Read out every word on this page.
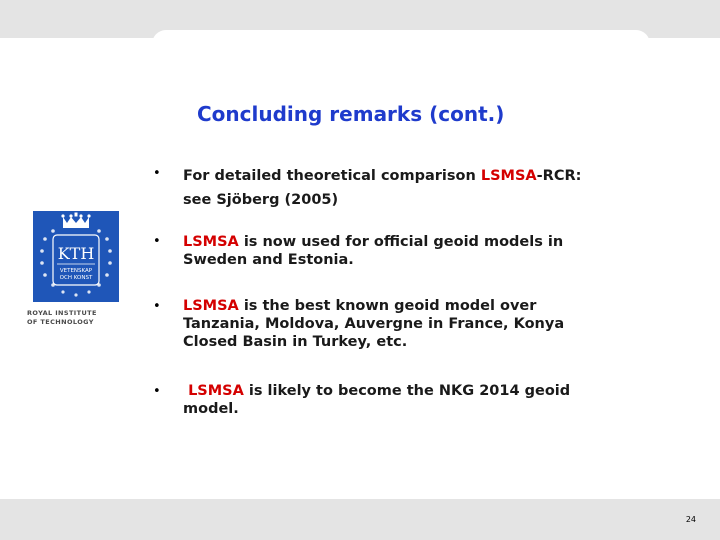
Concluding remarks (cont.)
KTH
VETENSKAP
OCH KONST
ROYAL INSTITUTE
OF TECHNOLOGY
• For detailed theoretical comparison LSMSA-RCR:
see Sjöberg (2005)
• LSMSA is now used for official geoid models in
Sweden and Estonia.
• LSMSA is the best known geoid model over
Tanzania, Moldova, Auvergne in France, Konya
Closed Basin in Turkey, etc.
•	LSMSA is likely to become the NKG 2014 geoid
model.
24
